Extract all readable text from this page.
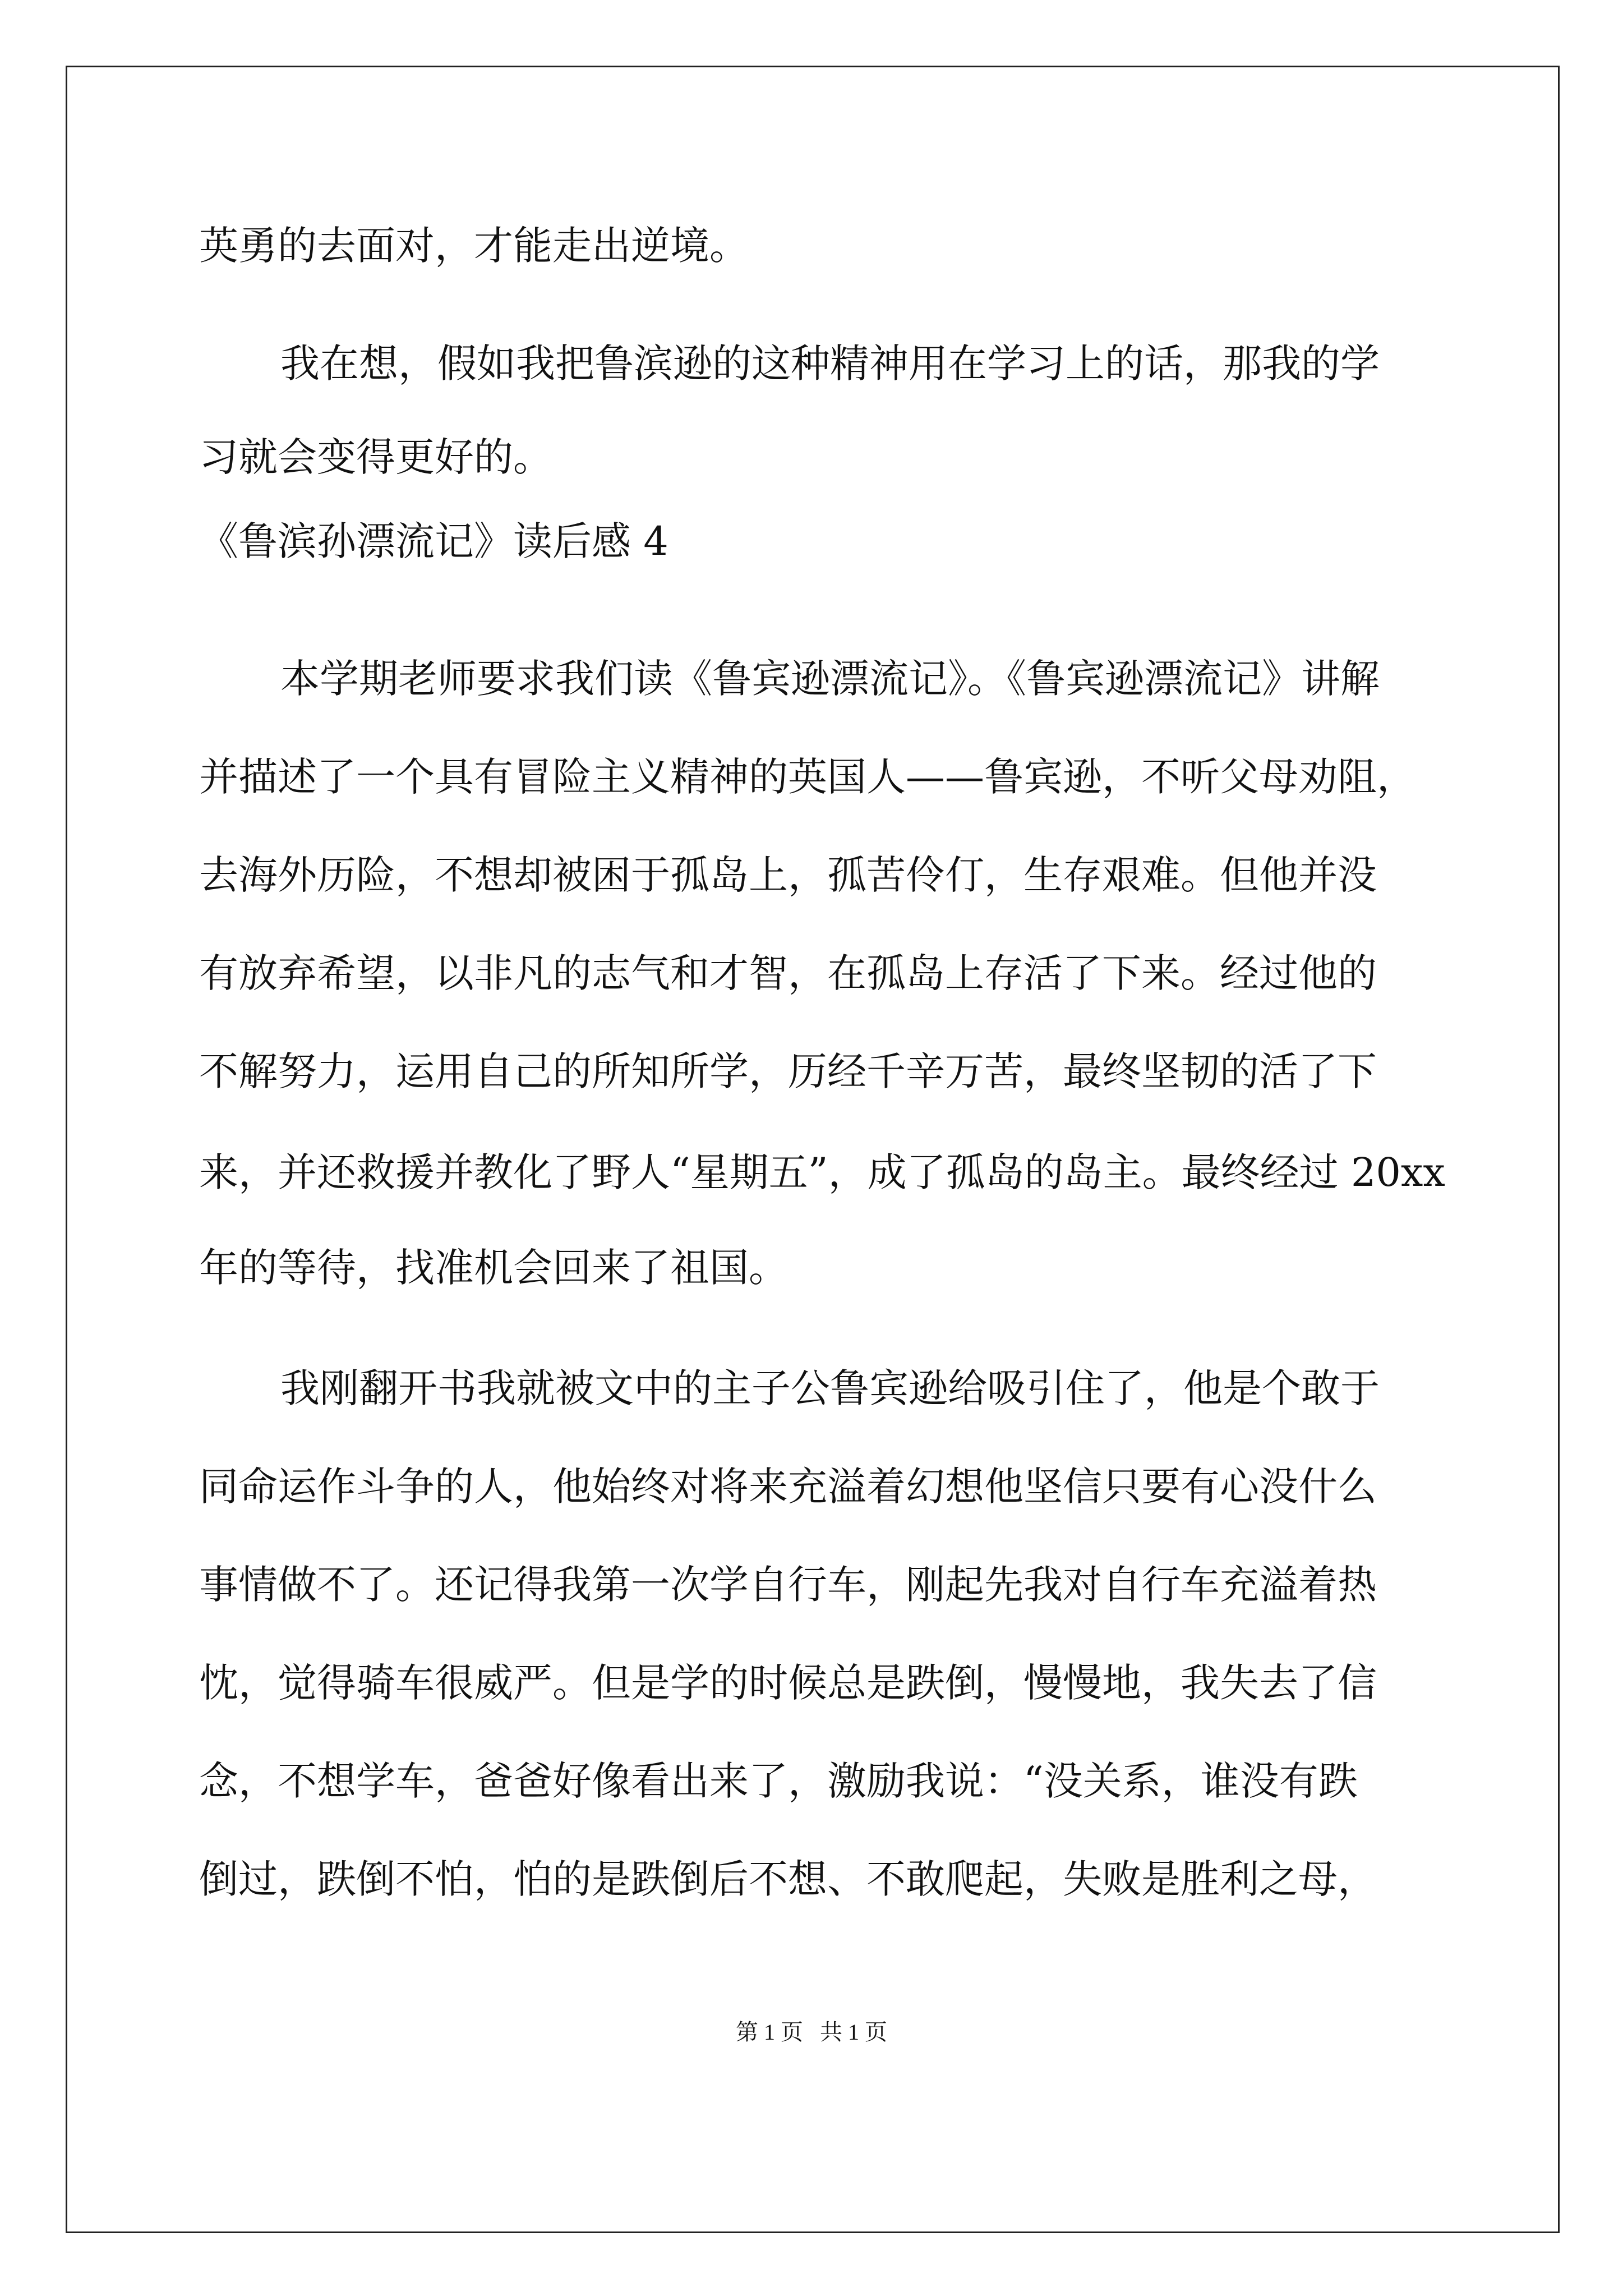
英勇的去面对，才能走出逆境。

我在想，假如我把鲁滨逊的这种精神用在学习上的话，那我的学

习就会变得更好的。

《鲁滨孙漂流记》读后感 4

本学期老师要求我们读《鲁宾逊漂流记》。《鲁宾逊漂流记》讲解

并描述了一个具有冒险主义精神的英国人——鲁宾逊，不听父母劝阻，

去海外历险，不想却被困于孤岛上，孤苦伶仃，生存艰难。但他并没

有放弃希望，以非凡的志气和才智，在孤岛上存活了下来。经过他的

不解努力，运用自己的所知所学，历经千辛万苦，最终坚韧的活了下

来，并还救援并教化了野人“星期五”，成了孤岛的岛主。最终经过 20xx

年的等待，找准机会回来了祖国。

我刚翻开书我就被文中的主子公鲁宾逊给吸引住了，他是个敢于

同命运作斗争的人，他始终对将来充溢着幻想他坚信只要有心没什么

事情做不了。还记得我第一次学自行车，刚起先我对自行车充溢着热

忱，觉得骑车很威严。但是学的时候总是跌倒，慢慢地，我失去了信

念，不想学车，爸爸好像看出来了，激励我说：“没关系，谁没有跌

倒过，跌倒不怕，怕的是跌倒后不想、不敢爬起，失败是胜利之母，

第 1 页   共 1 页
